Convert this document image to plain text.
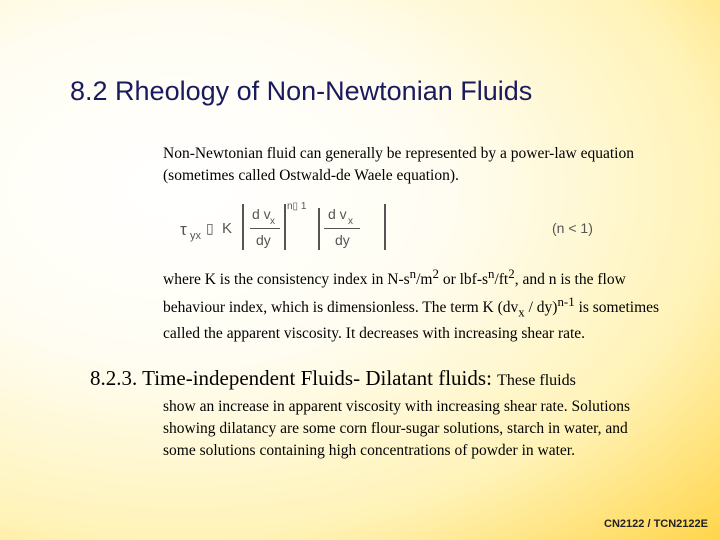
8.2 Rheology of Non-Newtonian Fluids
Non-Newtonian fluid can generally be represented by a power-law equation (sometimes called Ostwald-de Waele equation).
τ yx ▯ K
d v x
dy
n▯ 1 d v x
dy
(n < 1)
where K is the consistency index in $N-s^n/m^2$ or lbf-$s^n/ft^2$, and n is the flow behaviour index, which is dimensionless. The term K $(dv_x / dy)^{n-1}$ is sometimes called the apparent viscosity. It decreases with increasing shear rate.
8.2.3. Time-independent Fluids- Dilatant fluids: These fluids
show an increase in apparent viscosity with increasing shear rate. Solutions showing dilatancy are some corn flour-sugar solutions, starch in water, and some solutions containing high concentrations of powder in water.
CN2122 / TCN2122E
